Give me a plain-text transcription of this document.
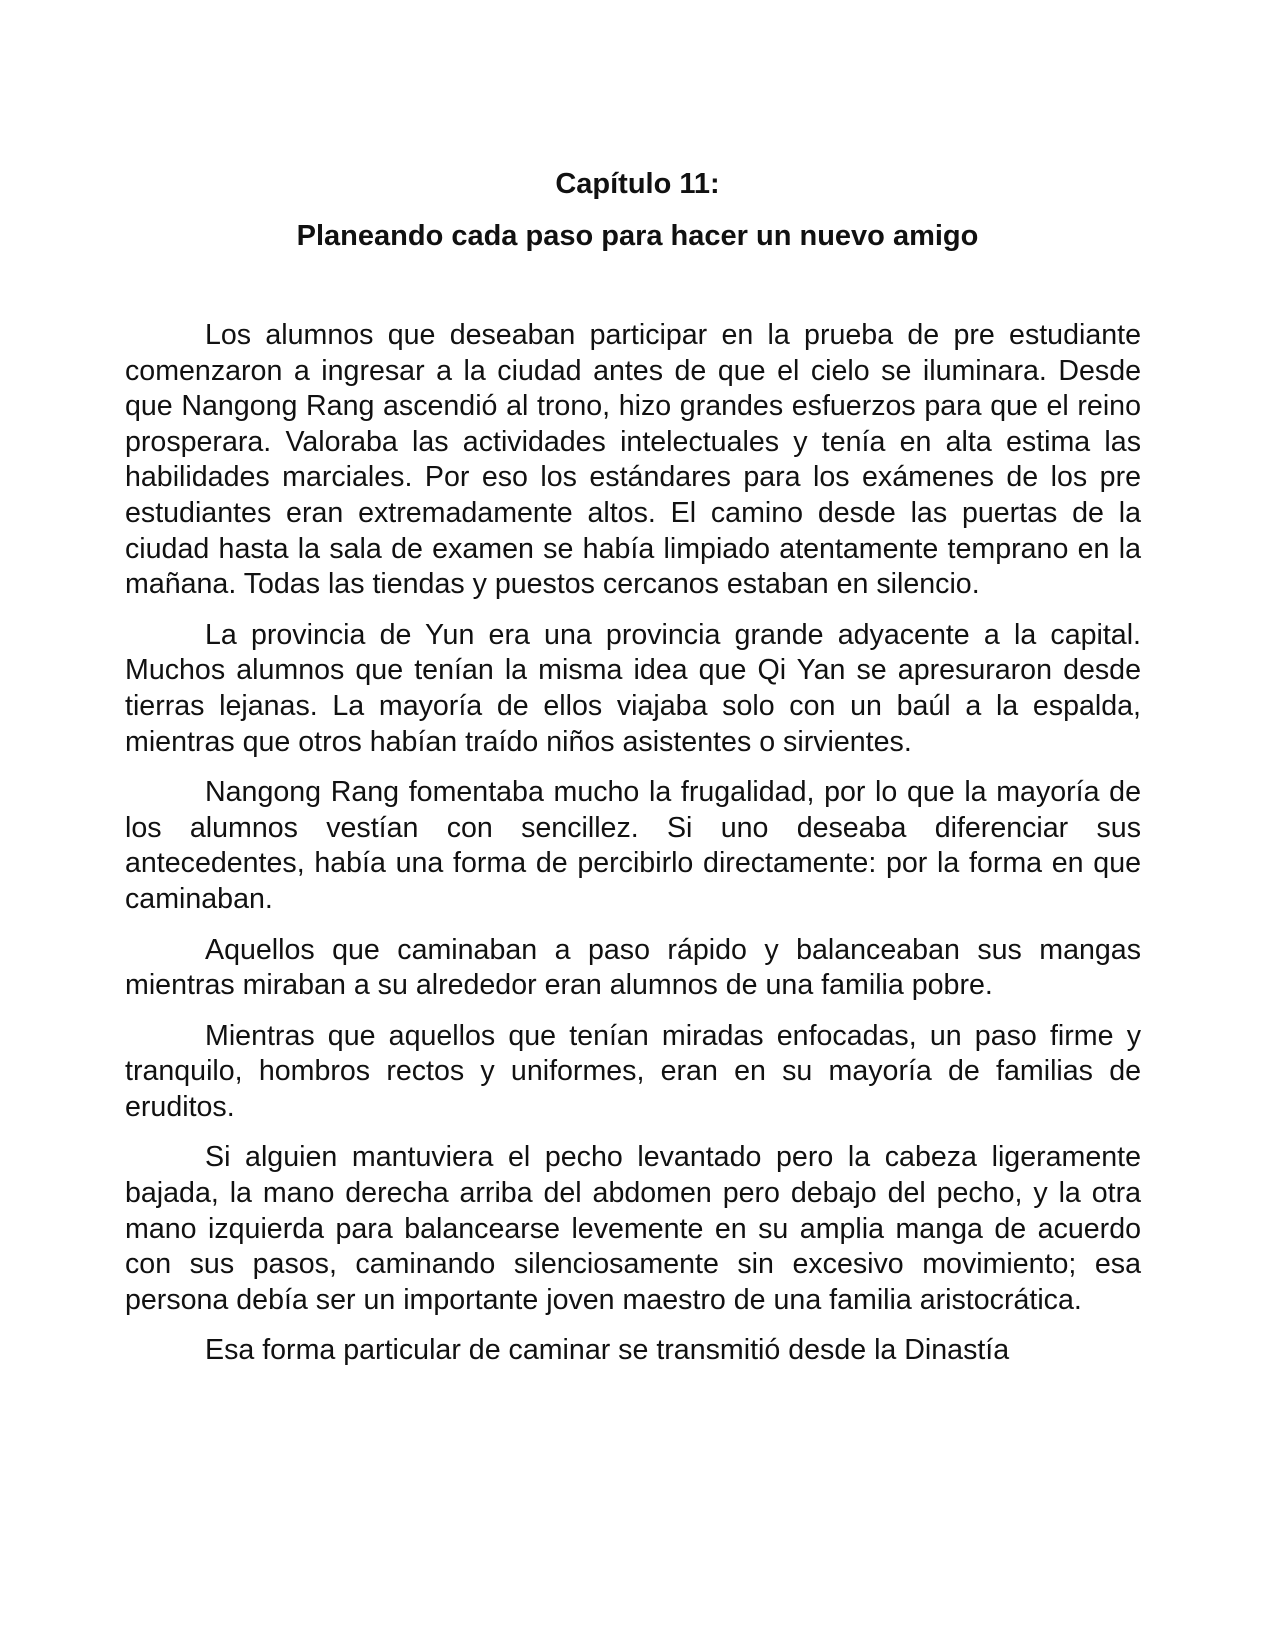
Capítulo 11:
Planeando cada paso para hacer un nuevo amigo

Los alumnos que deseaban participar en la prueba de pre estudiante comenzaron a ingresar a la ciudad antes de que el cielo se iluminara. Desde que Nangong Rang ascendió al trono, hizo grandes esfuerzos para que el reino prosperara. Valoraba las actividades intelectuales y tenía en alta estima las habilidades marciales. Por eso los estándares para los exámenes de los pre estudiantes eran extremadamente altos. El camino desde las puertas de la ciudad hasta la sala de examen se había limpiado atentamente temprano en la mañana. Todas las tiendas y puestos cercanos estaban en silencio.

La provincia de Yun era una provincia grande adyacente a la capital. Muchos alumnos que tenían la misma idea que Qi Yan se apresuraron desde tierras lejanas. La mayoría de ellos viajaba solo con un baúl a la espalda, mientras que otros habían traído niños asistentes o sirvientes.

Nangong Rang fomentaba mucho la frugalidad, por lo que la mayoría de los alumnos vestían con sencillez. Si uno deseaba diferenciar sus antecedentes, había una forma de percibirlo directamente: por la forma en que caminaban.

Aquellos que caminaban a paso rápido y balanceaban sus mangas mientras miraban a su alrededor eran alumnos de una familia pobre.

Mientras que aquellos que tenían miradas enfocadas, un paso firme y tranquilo, hombros rectos y uniformes, eran en su mayoría de familias de eruditos.

Si alguien mantuviera el pecho levantado pero la cabeza ligeramente bajada, la mano derecha arriba del abdomen pero debajo del pecho, y la otra mano izquierda para balancearse levemente en su amplia manga de acuerdo con sus pasos, caminando silenciosamente sin excesivo movimiento; esa persona debía ser un importante joven maestro de una familia aristocrática.

Esa forma particular de caminar se transmitió desde la Dinastía
